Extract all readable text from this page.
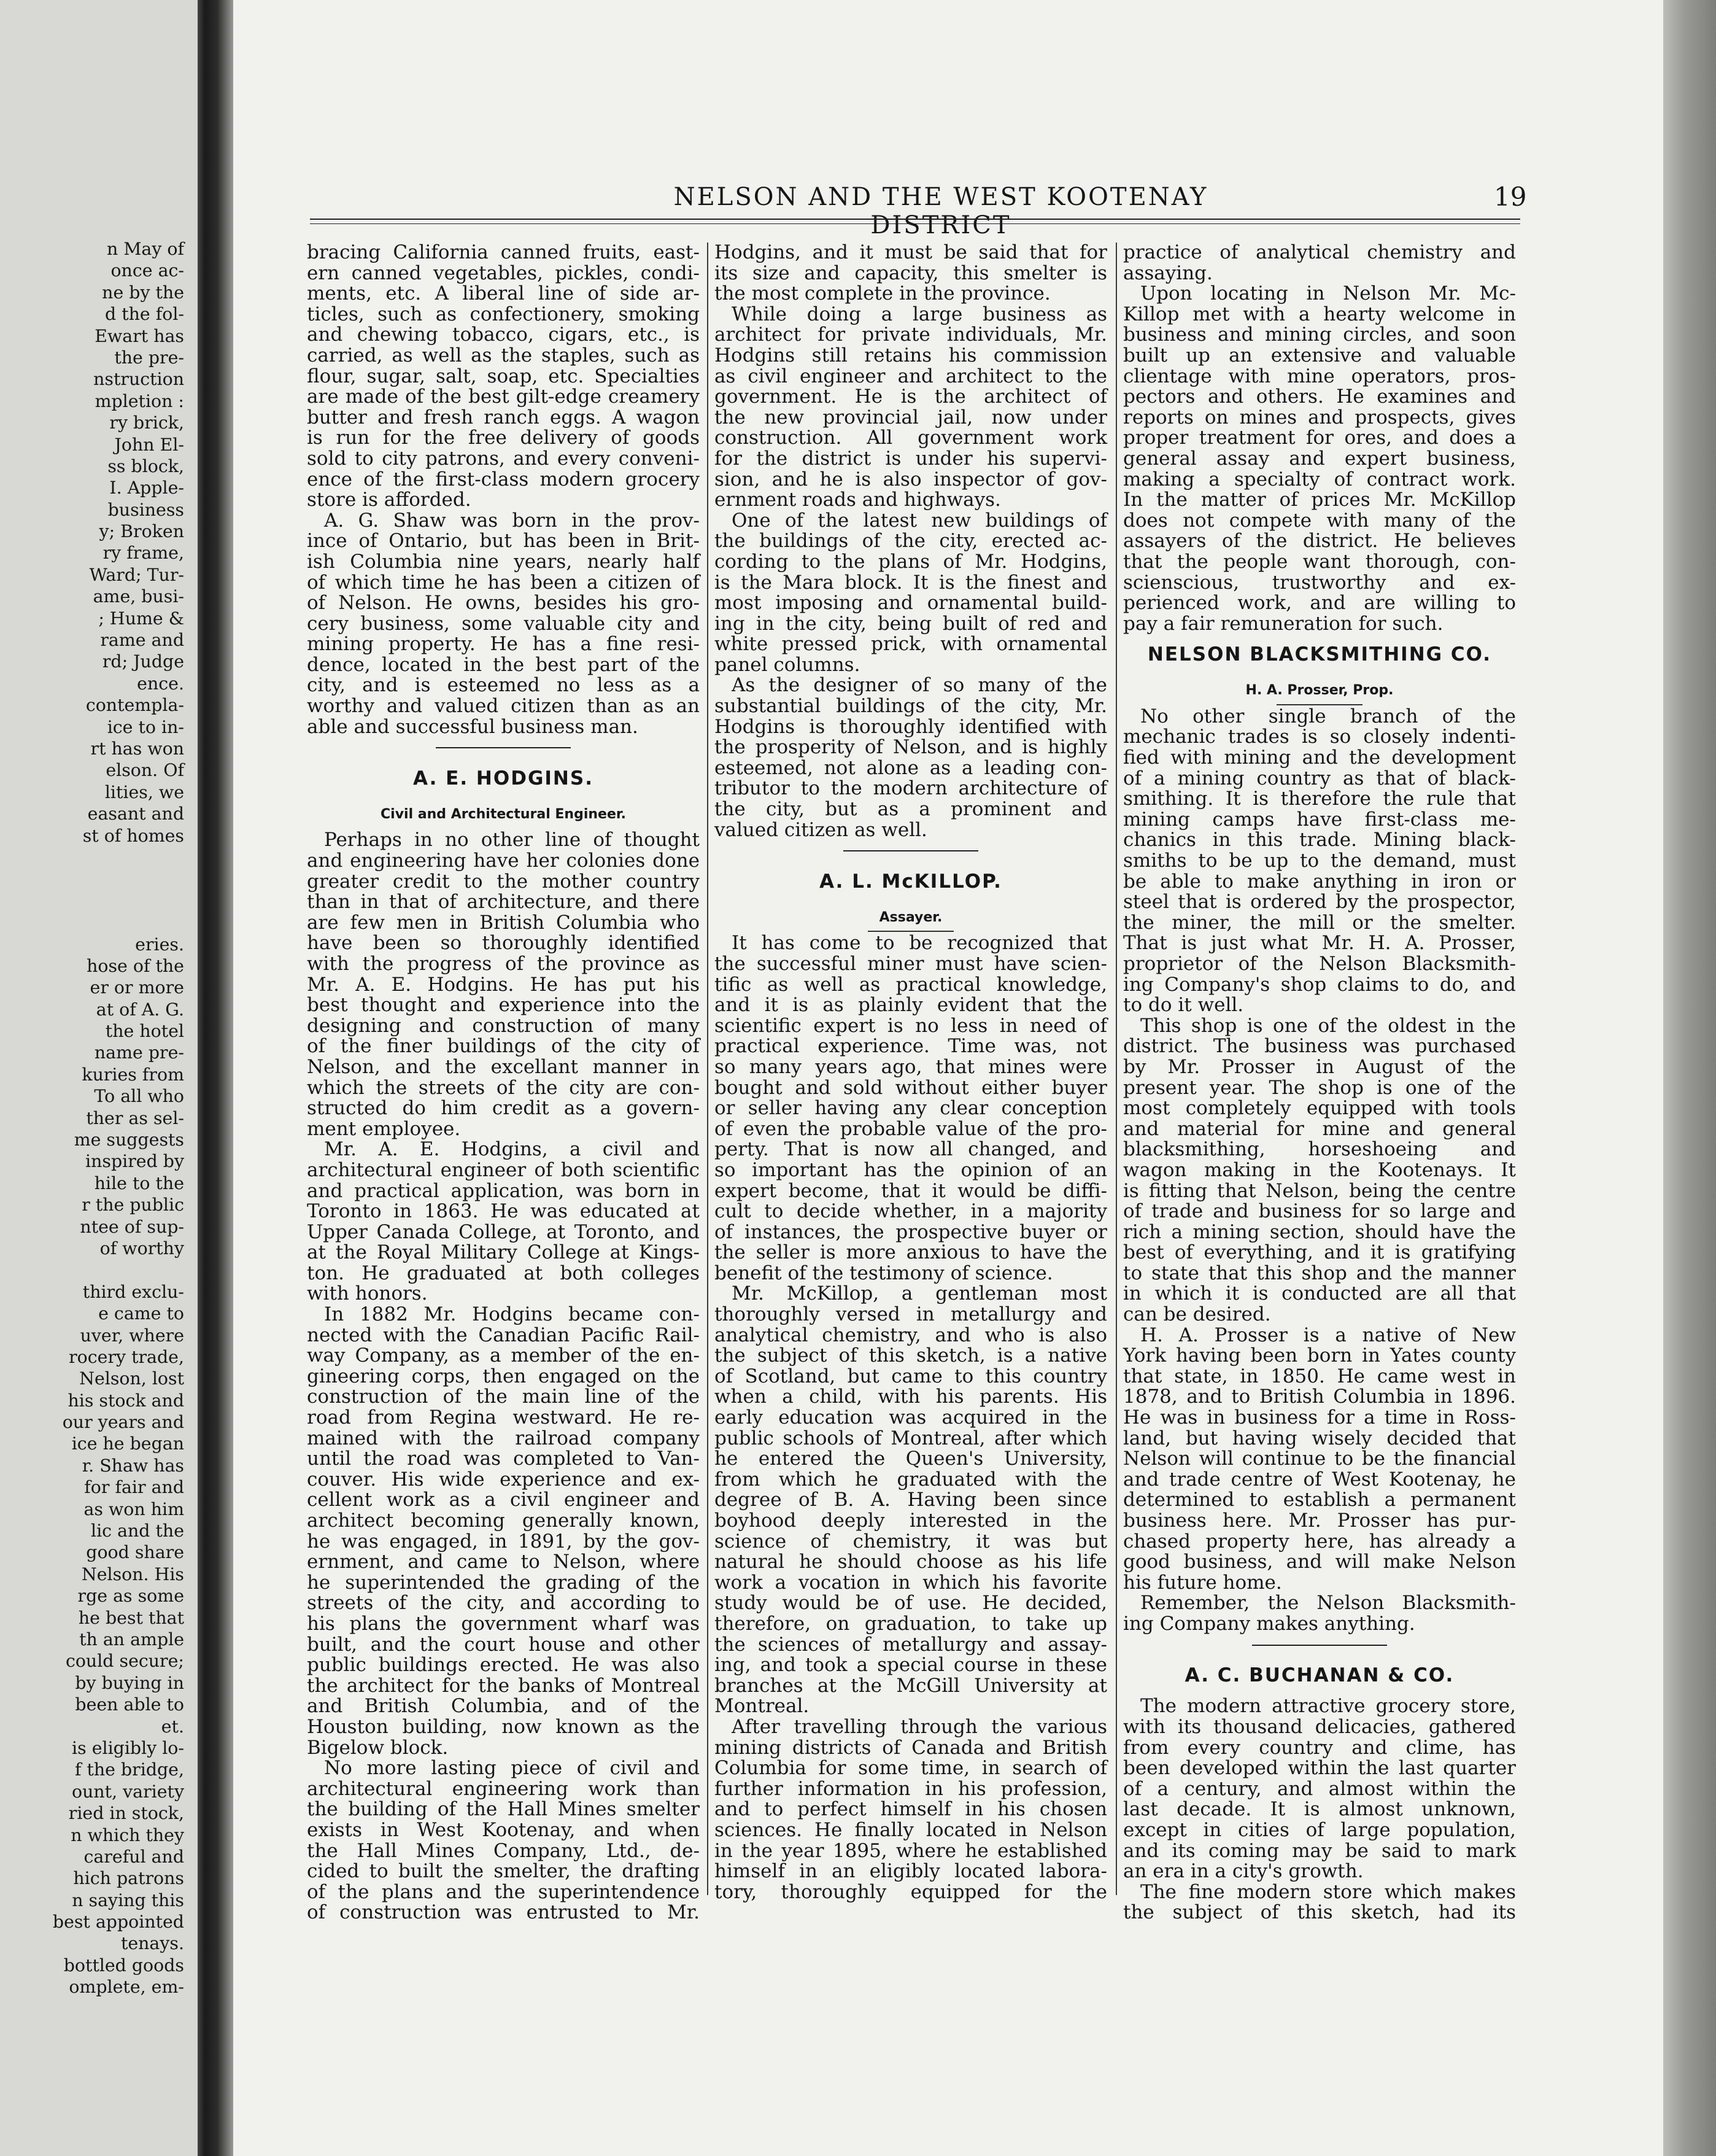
n May of
once ac-
ne by the
d the fol-
Ewart has
the pre-
nstruction
mpletion :
ry brick,
John El-
ss block,
I. Apple-
business
y; Broken
ry frame,
Ward; Tur-
ame, busi-
; Hume &
rame and
rd; Judge
ence.
contempla-
ice to in-
rt has won
elson. Of
lities, we
easant and
st of homes
eries.
hose of the
er or more
at of A. G.
the hotel
name pre-
kuries from
To all who
ther as sel-
me suggests
inspired by
hile to the
r the public
ntee of sup-
of worthy
third exclu-
e came to
uver, where
rocery trade,
Nelson, lost
his stock and
our years and
ice he began
r. Shaw has
for fair and
as won him
lic and the
good share
Nelson. His
rge as some
he best that
th an ample
could secure;
by buying in
been able to
et.
is eligibly lo-
f the bridge,
ount, variety
ried in stock,
n which they
careful and
hich patrons
n saying this
best appointed
tenays.
bottled goods
omplete, em-
NELSON AND THE WEST KOOTENAY DISTRICT
19
bracing California canned fruits, east-
ern canned vegetables, pickles, condi-
ments, etc. A liberal line of side ar-
ticles, such as confectionery, smoking
and chewing tobacco, cigars, etc., is
carried, as well as the staples, such as
flour, sugar, salt, soap, etc. Specialties
are made of the best gilt-edge creamery
butter and fresh ranch eggs. A wagon
is run for the free delivery of goods
sold to city patrons, and every conveni-
ence of the first-class modern grocery
store is afforded.
A. G. Shaw was born in the prov-
ince of Ontario, but has been in Brit-
ish Columbia nine years, nearly half
of which time he has been a citizen of
of Nelson. He owns, besides his gro-
cery business, some valuable city and
mining property. He has a fine resi-
dence, located in the best part of the
city, and is esteemed no less as a
worthy and valued citizen than as an
able and successful business man.
A. E. HODGINS.
Civil and Architectural Engineer.
Perhaps in no other line of thought
and engineering have her colonies done
greater credit to the mother country
than in that of architecture, and there
are few men in British Columbia who
have been so thoroughly identified
with the progress of the province as
Mr. A. E. Hodgins. He has put his
best thought and experience into the
designing and construction of many
of the finer buildings of the city of
Nelson, and the excellant manner in
which the streets of the city are con-
structed do him credit as a govern-
ment employee.
Mr. A. E. Hodgins, a civil and
architectural engineer of both scientific
and practical application, was born in
Toronto in 1863. He was educated at
Upper Canada College, at Toronto, and
at the Royal Military College at Kings-
ton. He graduated at both colleges
with honors.
In 1882 Mr. Hodgins became con-
nected with the Canadian Pacific Rail-
way Company, as a member of the en-
gineering corps, then engaged on the
construction of the main line of the
road from Regina westward. He re-
mained with the railroad company
until the road was completed to Van-
couver. His wide experience and ex-
cellent work as a civil engineer and
architect becoming generally known,
he was engaged, in 1891, by the gov-
ernment, and came to Nelson, where
he superintended the grading of the
streets of the city, and according to
his plans the government wharf was
built, and the court house and other
public buildings erected. He was also
the architect for the banks of Montreal
and British Columbia, and of the
Houston building, now known as the
Bigelow block.
No more lasting piece of civil and
architectural engineering work than
the building of the Hall Mines smelter
exists in West Kootenay, and when
the Hall Mines Company, Ltd., de-
cided to built the smelter, the drafting
of the plans and the superintendence
of construction was entrusted to Mr.
Hodgins, and it must be said that for
its size and capacity, this smelter is
the most complete in the province.
While doing a large business as
architect for private individuals, Mr.
Hodgins still retains his commission
as civil engineer and architect to the
government. He is the architect of
the new provincial jail, now under
construction. All government work
for the district is under his supervi-
sion, and he is also inspector of gov-
ernment roads and highways.
One of the latest new buildings of
the buildings of the city, erected ac-
cording to the plans of Mr. Hodgins,
is the Mara block. It is the finest and
most imposing and ornamental build-
ing in the city, being built of red and
white pressed prick, with ornamental
panel columns.
As the designer of so many of the
substantial buildings of the city, Mr.
Hodgins is thoroughly identified with
the prosperity of Nelson, and is highly
esteemed, not alone as a leading con-
tributor to the modern architecture of
the city, but as a prominent and
valued citizen as well.
A. L. McKILLOP.
Assayer.
It has come to be recognized that
the successful miner must have scien-
tific as well as practical knowledge,
and it is as plainly evident that the
scientific expert is no less in need of
practical experience. Time was, not
so many years ago, that mines were
bought and sold without either buyer
or seller having any clear conception
of even the probable value of the pro-
perty. That is now all changed, and
so important has the opinion of an
expert become, that it would be diffi-
cult to decide whether, in a majority
of instances, the prospective buyer or
the seller is more anxious to have the
benefit of the testimony of science.
Mr. McKillop, a gentleman most
thoroughly versed in metallurgy and
analytical chemistry, and who is also
the subject of this sketch, is a native
of Scotland, but came to this country
when a child, with his parents. His
early education was acquired in the
public schools of Montreal, after which
he entered the Queen's University,
from which he graduated with the
degree of B. A. Having been since
boyhood deeply interested in the
science of chemistry, it was but
natural he should choose as his life
work a vocation in which his favorite
study would be of use. He decided,
therefore, on graduation, to take up
the sciences of metallurgy and assay-
ing, and took a special course in these
branches at the McGill University at
Montreal.
After travelling through the various
mining districts of Canada and British
Columbia for some time, in search of
further information in his profession,
and to perfect himself in his chosen
sciences. He finally located in Nelson
in the year 1895, where he established
himself in an eligibly located labora-
tory, thoroughly equipped for the
practice of analytical chemistry and
assaying.
Upon locating in Nelson Mr. Mc-
Killop met with a hearty welcome in
business and mining circles, and soon
built up an extensive and valuable
clientage with mine operators, pros-
pectors and others. He examines and
reports on mines and prospects, gives
proper treatment for ores, and does a
general assay and expert business,
making a specialty of contract work.
In the matter of prices Mr. McKillop
does not compete with many of the
assayers of the district. He believes
that the people want thorough, con-
scienscious, trustworthy and ex-
perienced work, and are willing to
pay a fair remuneration for such.
NELSON BLACKSMITHING CO.
H. A. Prosser, Prop.
No other single branch of the
mechanic trades is so closely indenti-
fied with mining and the development
of a mining country as that of black-
smithing. It is therefore the rule that
mining camps have first-class me-
chanics in this trade. Mining black-
smiths to be up to the demand, must
be able to make anything in iron or
steel that is ordered by the prospector,
the miner, the mill or the smelter.
That is just what Mr. H. A. Prosser,
proprietor of the Nelson Blacksmith-
ing Company's shop claims to do, and
to do it well.
This shop is one of the oldest in the
district. The business was purchased
by Mr. Prosser in August of the
present year. The shop is one of the
most completely equipped with tools
and material for mine and general
blacksmithing, horseshoeing and
wagon making in the Kootenays. It
is fitting that Nelson, being the centre
of trade and business for so large and
rich a mining section, should have the
best of everything, and it is gratifying
to state that this shop and the manner
in which it is conducted are all that
can be desired.
H. A. Prosser is a native of New
York having been born in Yates county
that state, in 1850. He came west in
1878, and to British Columbia in 1896.
He was in business for a time in Ross-
land, but having wisely decided that
Nelson will continue to be the financial
and trade centre of West Kootenay, he
determined to establish a permanent
business here. Mr. Prosser has pur-
chased property here, has already a
good business, and will make Nelson
his future home.
Remember, the Nelson Blacksmith-
ing Company makes anything.
A. C. BUCHANAN & CO.
The modern attractive grocery store,
with its thousand delicacies, gathered
from every country and clime, has
been developed within the last quarter
of a century, and almost within the
last decade. It is almost unknown,
except in cities of large population,
and its coming may be said to mark
an era in a city's growth.
The fine modern store which makes
the subject of this sketch, had its
